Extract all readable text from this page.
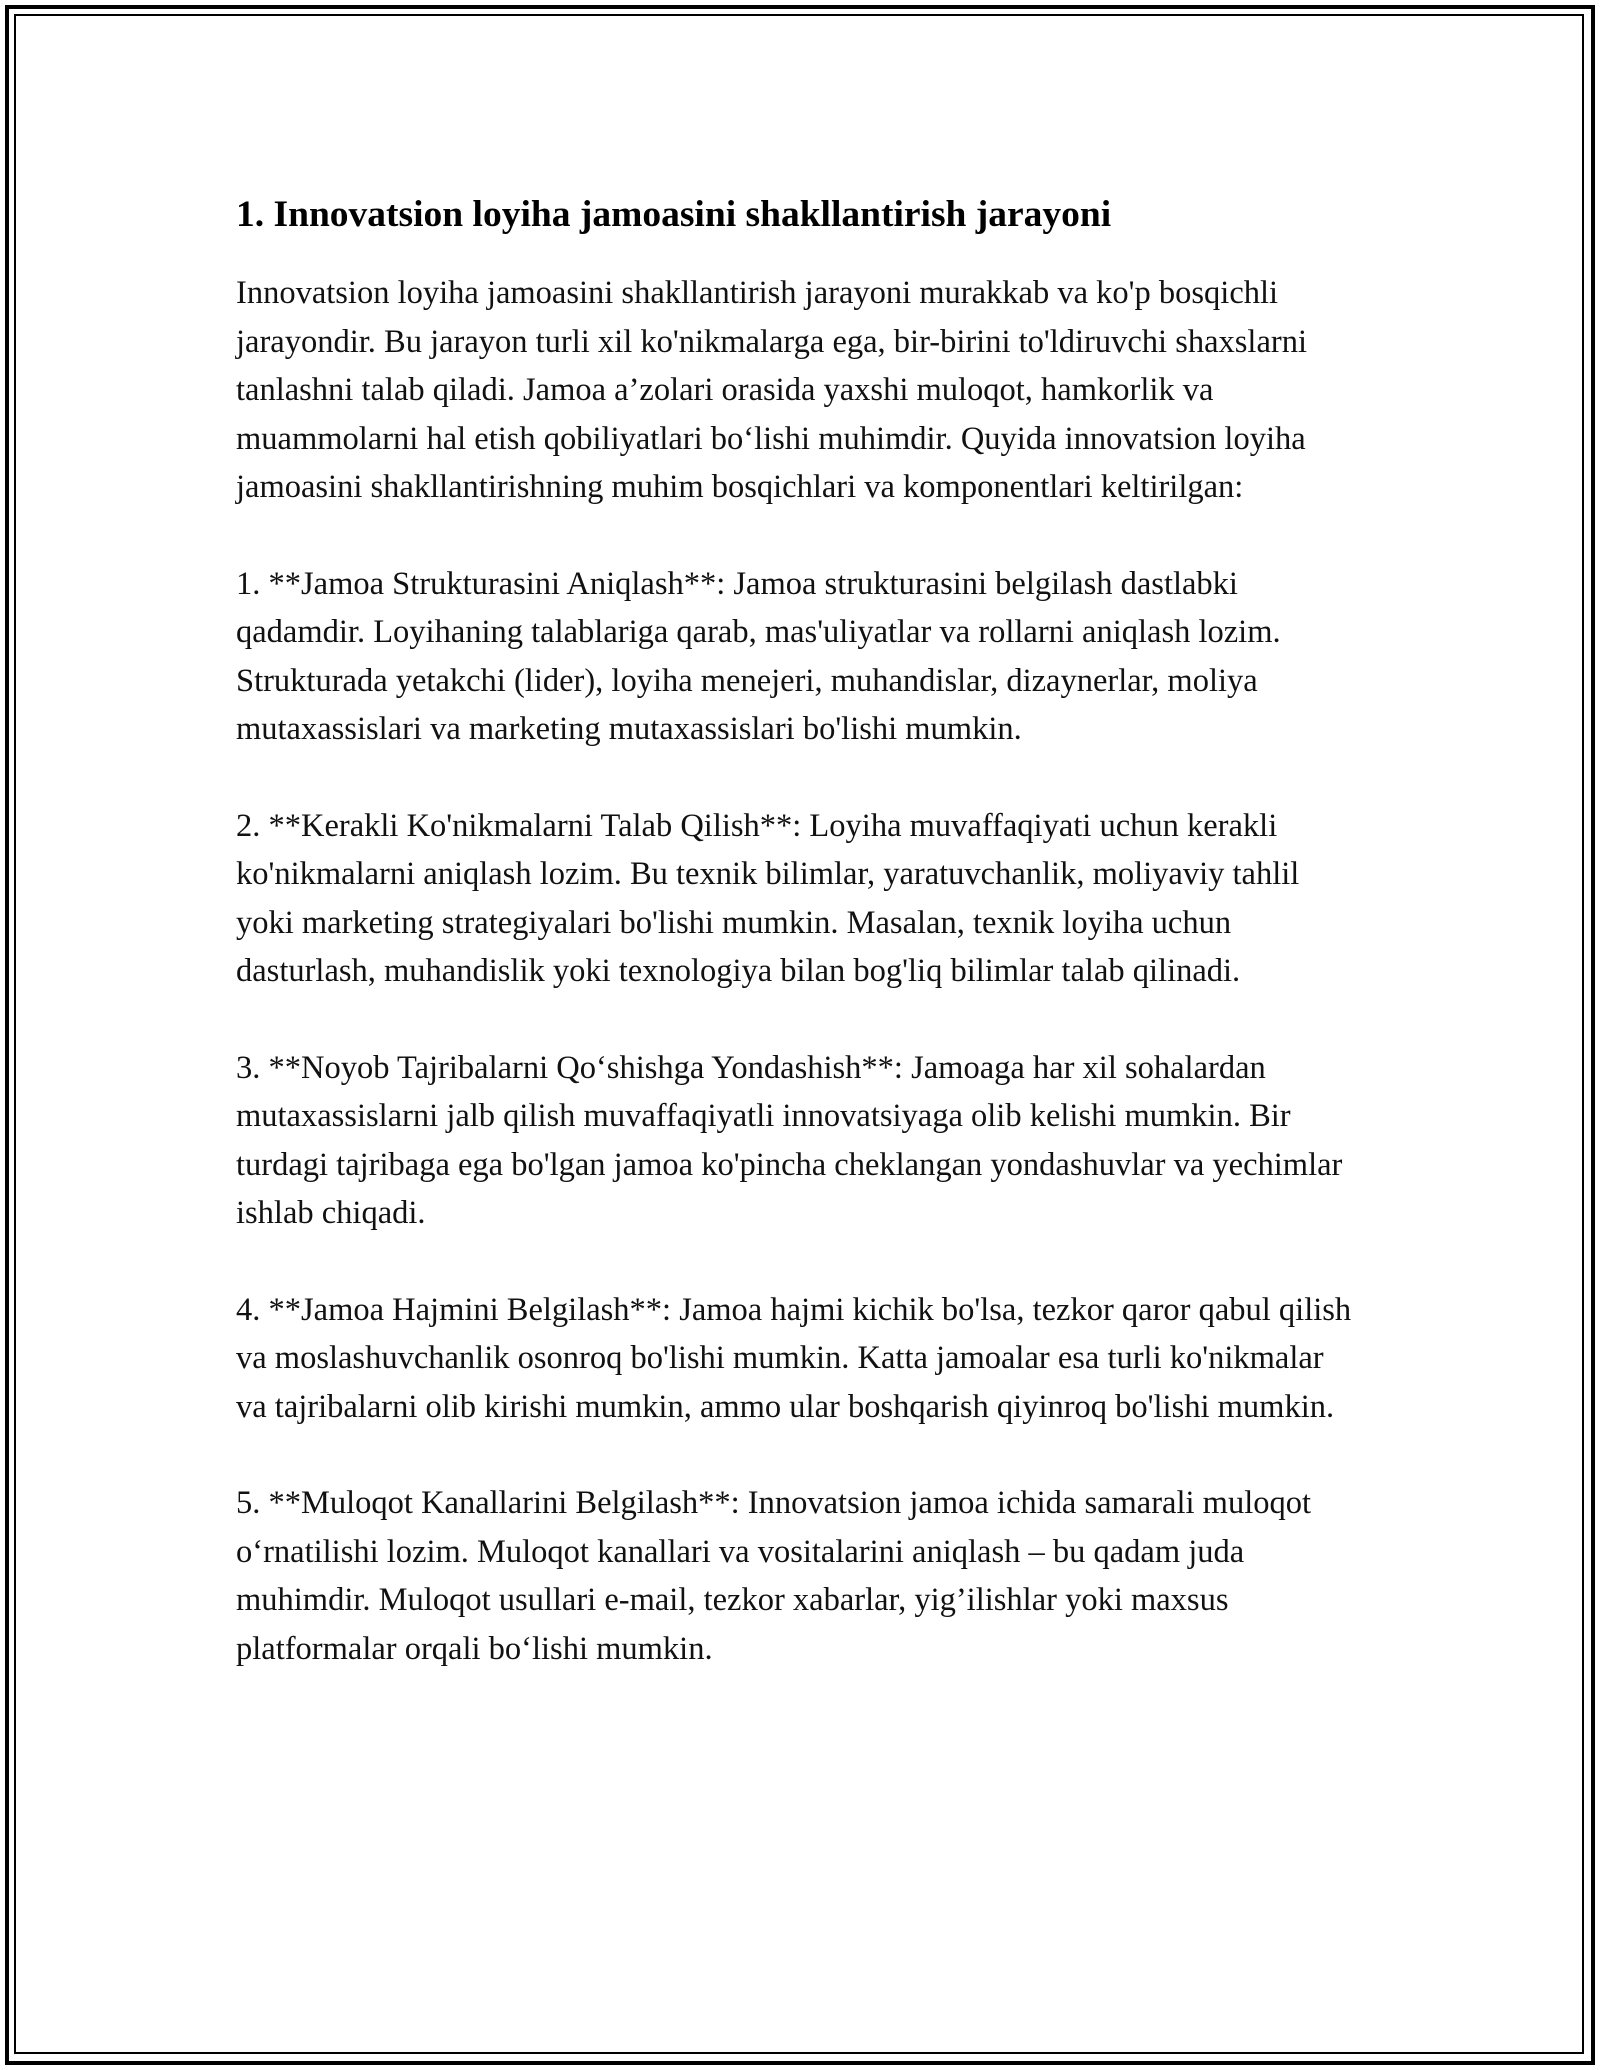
1. Innovatsion loyiha jamoasini shakllantirish jarayoni

Innovatsion loyiha jamoasini shakllantirish jarayoni murakkab va ko'p bosqichli jarayondir. Bu jarayon turli xil ko'nikmalarga ega, bir-birini to'ldiruvchi shaxslarni tanlashni talab qiladi. Jamoa a’zolari orasida yaxshi muloqot, hamkorlik va muammolarni hal etish qobiliyatlari bo‘lishi muhimdir. Quyida innovatsion loyiha jamoasini shakllantirishning muhim bosqichlari va komponentlari keltirilgan:

1. **Jamoa Strukturasini Aniqlash**: Jamoa strukturasini belgilash dastlabki qadamdir. Loyihaning talablariga qarab, mas'uliyatlar va rollarni aniqlash lozim. Strukturada yetakchi (lider), loyiha menejeri, muhandislar, dizaynerlar, moliya mutaxassislari va marketing mutaxassislari bo'lishi mumkin.

2. **Kerakli Ko'nikmalarni Talab Qilish**: Loyiha muvaffaqiyati uchun kerakli ko'nikmalarni aniqlash lozim. Bu texnik bilimlar, yaratuvchanlik, moliyaviy tahlil yoki marketing strategiyalari bo'lishi mumkin. Masalan, texnik loyiha uchun dasturlash, muhandislik yoki texnologiya bilan bog'liq bilimlar talab qilinadi.

3. **Noyob Tajribalarni Qo‘shishga Yondashish**: Jamoaga har xil sohalardan mutaxassislarni jalb qilish muvaffaqiyatli innovatsiyaga olib kelishi mumkin. Bir turdagi tajribaga ega bo'lgan jamoa ko'pincha cheklangan yondashuvlar va yechimlar ishlab chiqadi.

4. **Jamoa Hajmini Belgilash**: Jamoa hajmi kichik bo'lsa, tezkor qaror qabul qilish va moslashuvchanlik osonroq bo'lishi mumkin. Katta jamoalar esa turli ko'nikmalar va tajribalarni olib kirishi mumkin, ammo ular boshqarish qiyinroq bo'lishi mumkin.

5. **Muloqot Kanallarini Belgilash**: Innovatsion jamoa ichida samarali muloqot o‘rnatilishi lozim. Muloqot kanallari va vositalarini aniqlash – bu qadam juda muhimdir. Muloqot usullari e-mail, tezkor xabarlar, yig’ilishlar yoki maxsus platformalar orqali bo‘lishi mumkin.
